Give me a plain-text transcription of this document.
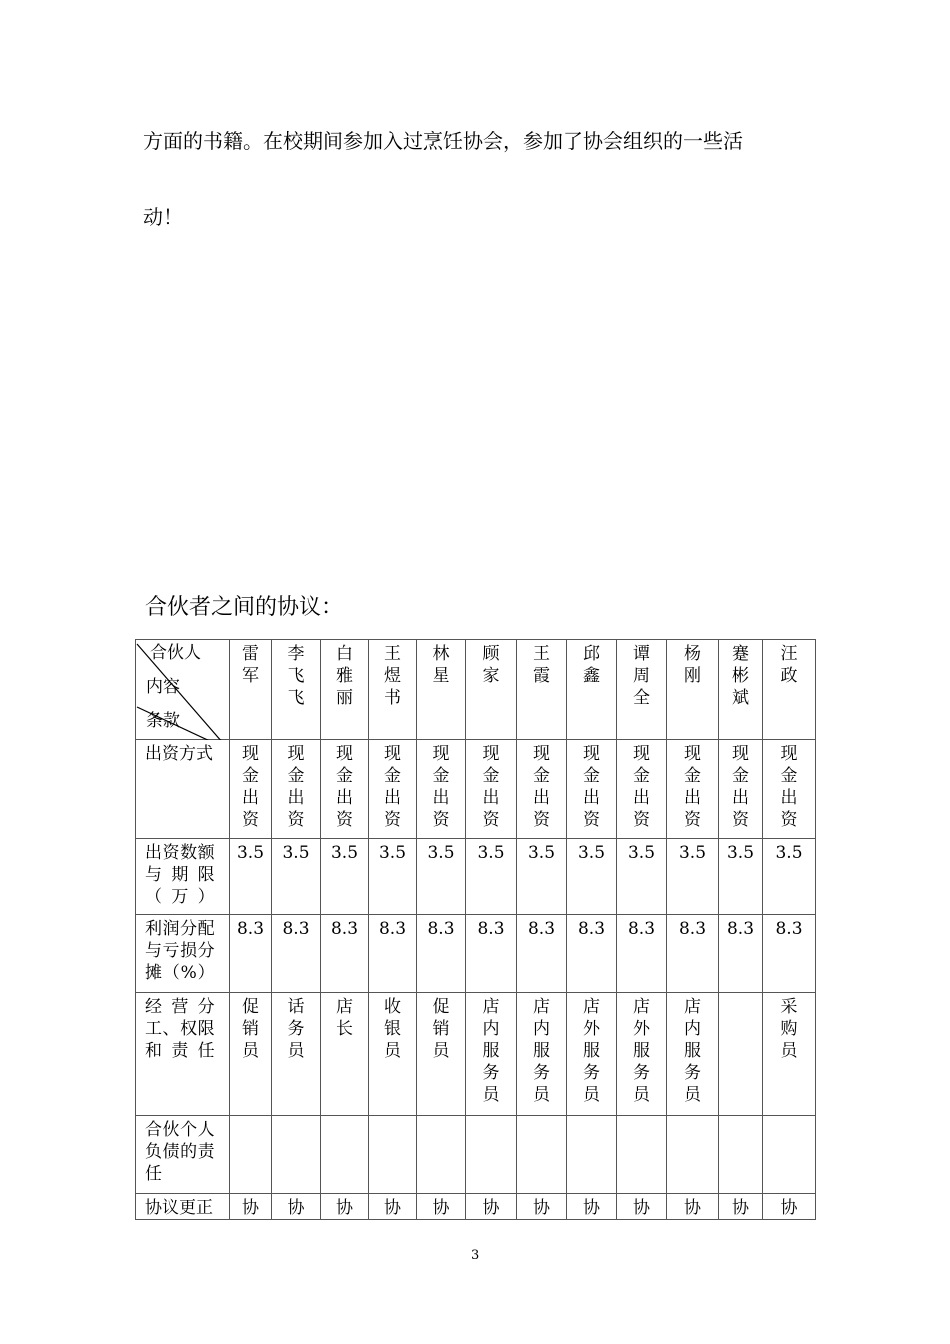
方面的书籍。在校期间参加入过烹饪协会，参加了协会组织的一些活
动！
合伙者之间的协议：
合伙人
内容
条款	雷军	李飞飞	白雅丽	王煜书	林星	顾家	王霞	邱鑫	谭周全	杨刚	蹇彬斌	汪政

出资方式	现金出资	现金出资	现金出资	现金出资	现金出资	现金出资	现金出资	现金出资	现金出资	现金出资	现金出资	现金出资

出资数额与期限（万）	3.5	3.5	3.5	3.5	3.5	3.5	3.5	3.5	3.5	3.5	3.5	3.5

利润分配与亏损分摊（%）	8.3	8.3	8.3	8.3	8.3	8.3	8.3	8.3	8.3	8.3	8.3	8.3

经营分工、权限和责任	促销员	话务员	店长	收银员	促销员	店内服务员	店内服务员	店外服务员	店外服务员	店内服务员		采购员

合伙个人负债的责任												

协议更正	协	协	协	协	协	协	协	协	协	协	协	协
3
